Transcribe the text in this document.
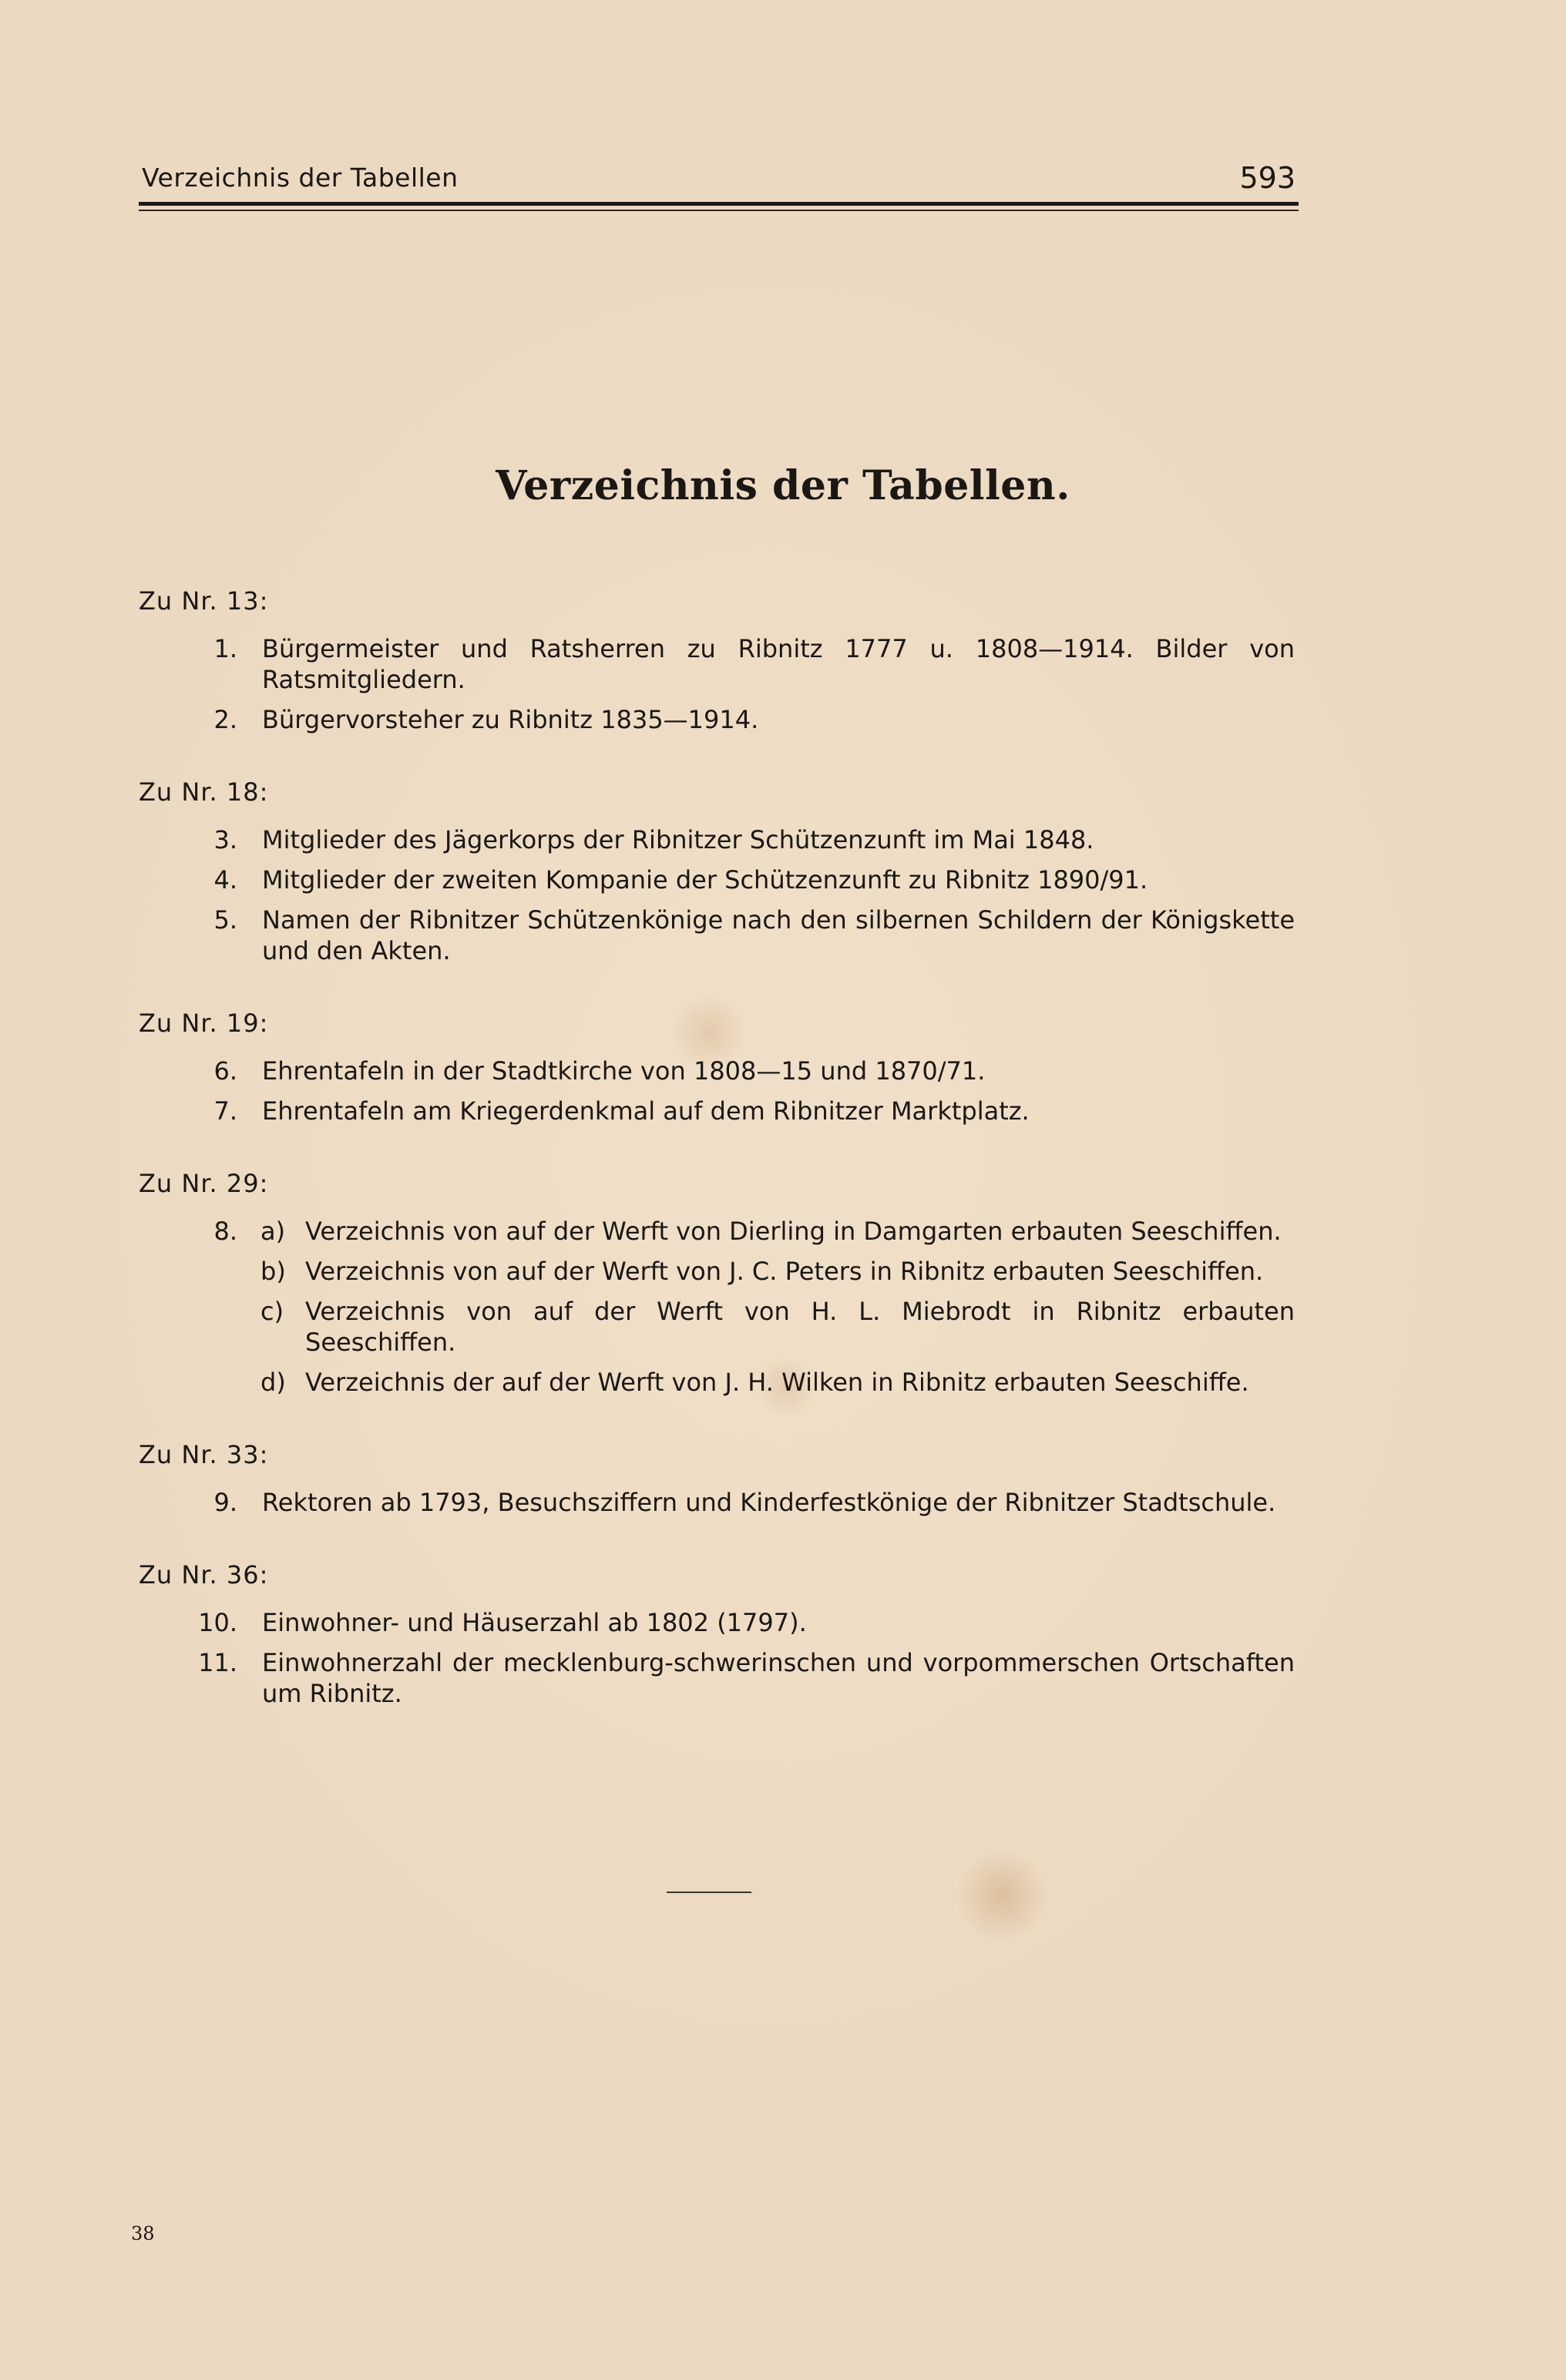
Verzeichnis der Tabellen	593
Verzeichnis der Tabellen.
Zu Nr. 13:
1. Bürgermeister und Ratsherren zu Ribnitz 1777 u. 1808—1914. Bilder von Ratsmitgliedern.
2. Bürgervorsteher zu Ribnitz 1835—1914.
Zu Nr. 18:
3. Mitglieder des Jägerkorps der Ribnitzer Schützenzunft im Mai 1848.
4. Mitglieder der zweiten Kompanie der Schützenzunft zu Ribnitz 1890/91.
5. Namen der Ribnitzer Schützenkönige nach den silbernen Schildern der Königskette und den Akten.
Zu Nr. 19:
6. Ehrentafeln in der Stadtkirche von 1808—15 und 1870/71.
7. Ehrentafeln am Kriegerdenkmal auf dem Ribnitzer Marktplatz.
Zu Nr. 29:
8. a) Verzeichnis von auf der Werft von Dierling in Damgarten erbauten Seeschiffen.
b) Verzeichnis von auf der Werft von J. C. Peters in Ribnitz erbauten Seeschiffen.
c) Verzeichnis von auf der Werft von H. L. Miebrodt in Ribnitz erbauten Seeschiffen.
d) Verzeichnis der auf der Werft von J. H. Wilken in Ribnitz erbauten Seeschiffe.
Zu Nr. 33:
9. Rektoren ab 1793, Besuchsziffern und Kinderfestkönige der Ribnitzer Stadtschule.
Zu Nr. 36:
10. Einwohner- und Häuserzahl ab 1802 (1797).
11. Einwohnerzahl der mecklenburg-schwerinschen und vorpommerschen Ortschaften um Ribnitz.
38
